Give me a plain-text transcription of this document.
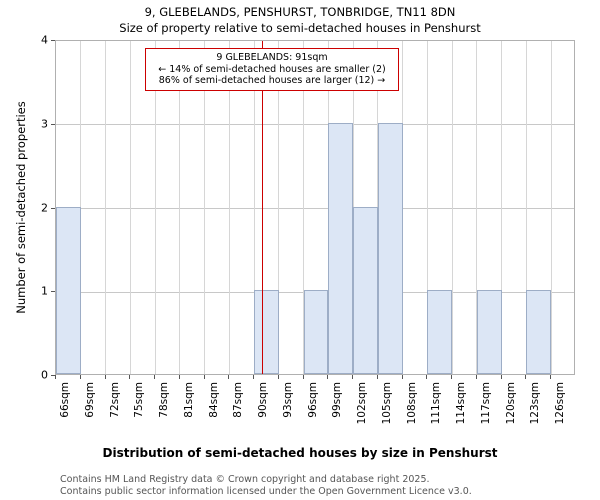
9, GLEBELANDS, PENSHURST, TONBRIDGE, TN11 8DN
Size of property relative to semi-detached houses in Penshurst
Number of semi-detached properties
0
1
2
3
4
66sqm 69sqm 72sqm 75sqm 78sqm 81sqm 84sqm 87sqm 90sqm 93sqm 96sqm 99sqm 102sqm 105sqm 108sqm 111sqm 114sqm 117sqm 120sqm 123sqm 126sqm
9 GLEBELANDS: 91sqm
← 14% of semi-detached houses are smaller (2)
86% of semi-detached houses are larger (12) →
Distribution of semi-detached houses by size in Penshurst
Contains HM Land Registry data © Crown copyright and database right 2025.
Contains public sector information licensed under the Open Government Licence v3.0.
